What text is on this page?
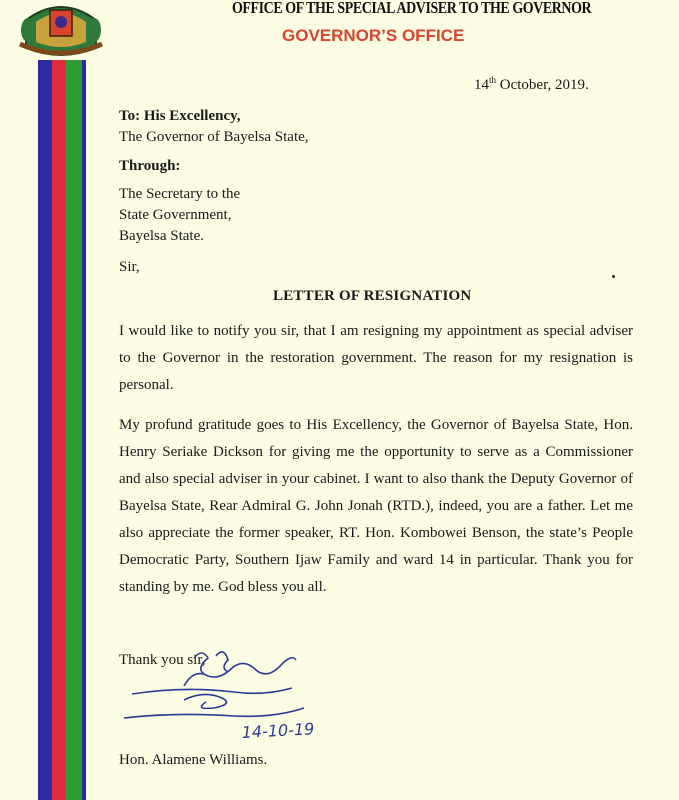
OFFICE OF THE SPECIAL ADVISER TO THE GOVERNOR

GOVERNOR’S OFFICE

14th October, 2019.

To: His Excellency,
The Governor of Bayelsa State,
Through:
The Secretary to the
State Government,
Bayelsa State.
Sir,

LETTER OF RESIGNATION

I would like to notify you sir, that I am resigning my appointment as special adviser to the Governor in the restoration government. The reason for my resignation is personal.

My profund gratitude goes to His Excellency, the Governor of Bayelsa State, Hon. Henry Seriake Dickson for giving me the opportunity to serve as a Commissioner and also special adviser in your cabinet. I want to also thank the Deputy Governor of Bayelsa State, Rear Admiral G. John Jonah (RTD.), indeed, you are a father. Let me also appreciate the former speaker, RT. Hon. Kombowei Benson, the state’s People Democratic Party, Southern Ijaw Family and ward 14 in particular. Thank you for standing by me. God bless you all.

Thank you sir,

14-10-19

Hon. Alamene Williams.
